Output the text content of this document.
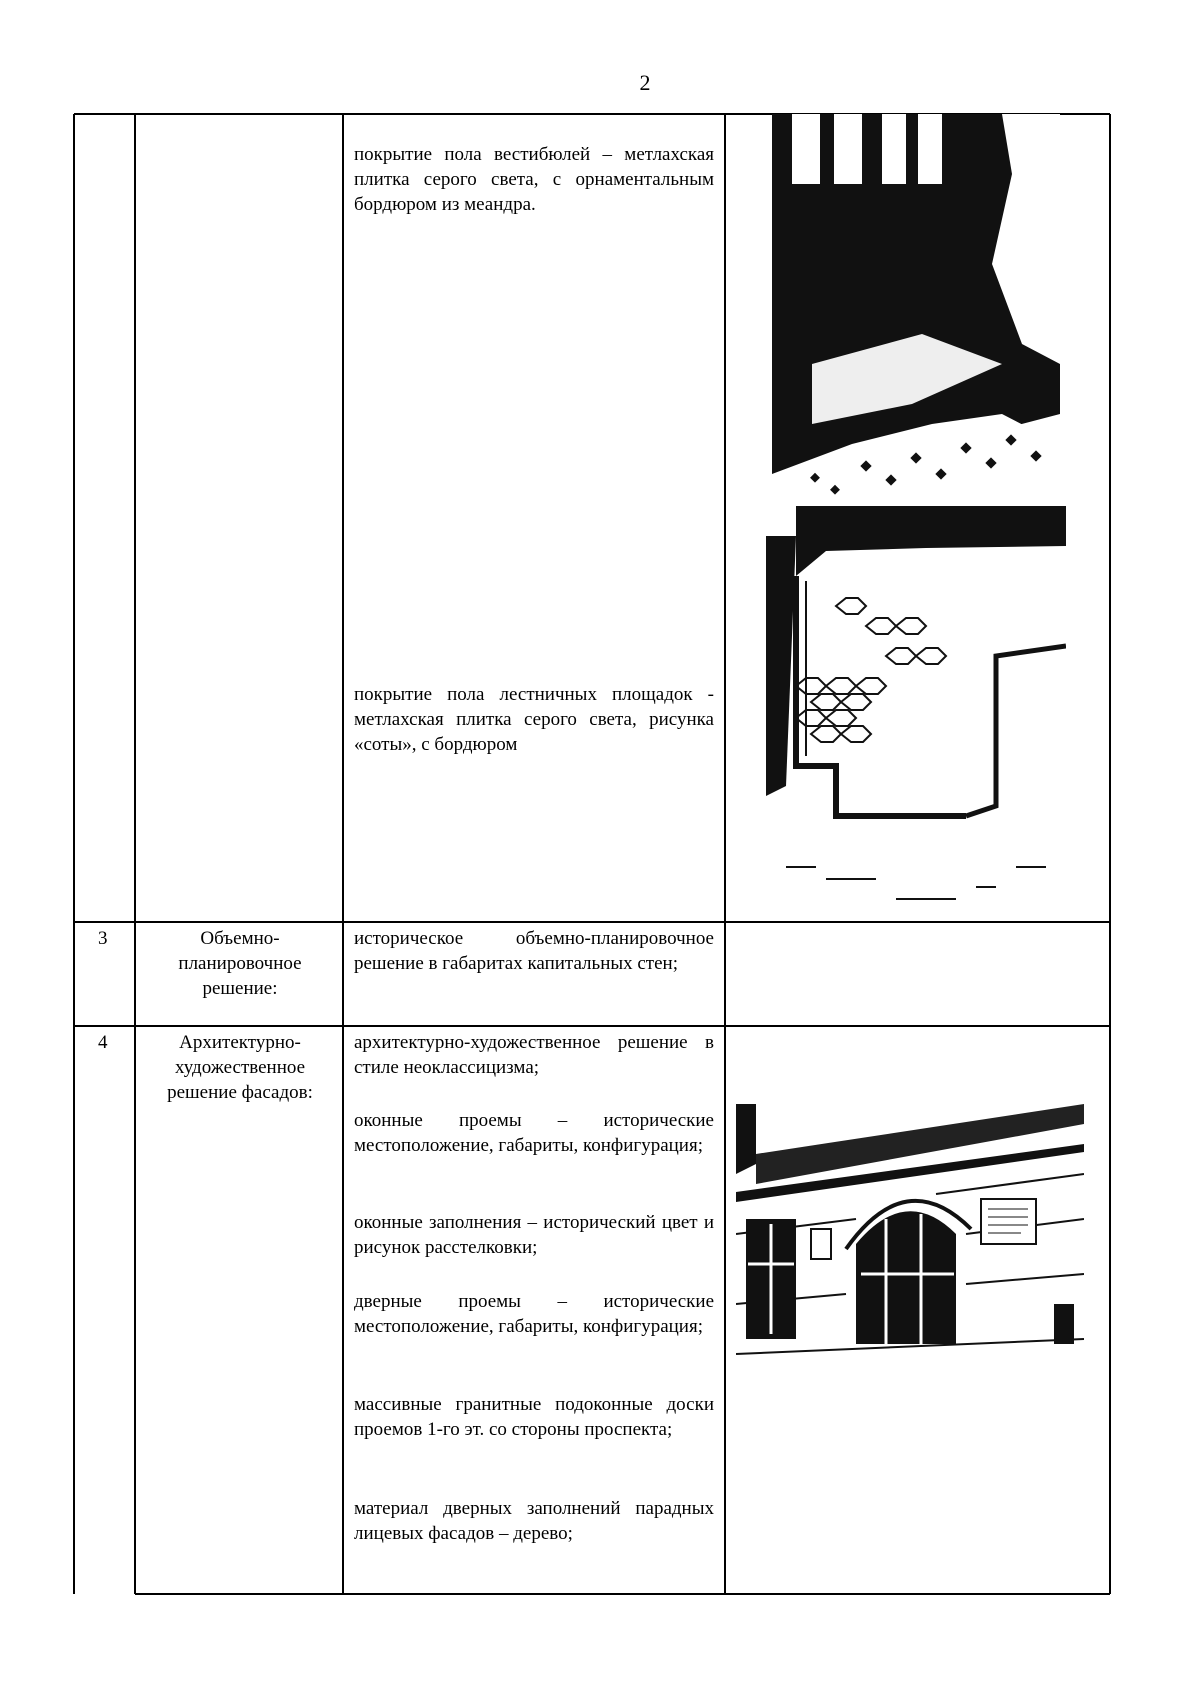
2
покрытие пола вестибюлей – метлахская плитка серого света, с орнаментальным бордюром из меандра.
покрытие пола лестничных площадок - метлахская плитка серого света, рисунка «соты», с бордюром
3	Объемно-планировочное решение:
историческое объемно-планировочное решение в габаритах капитальных стен;
4	Архитектурно-художественное решение фасадов:
архитектурно-художественное решение в стиле неоклассицизма;
оконные проемы – исторические местоположение, габариты, конфигурация;
оконные заполнения – исторический цвет и рисунок расстелковки;
дверные проемы – исторические местоположение, габариты, конфигурация;
массивные гранитные подоконные доски проемов 1-го эт. со стороны проспекта;
материал дверных заполнений парадных лицевых фасадов – дерево;
